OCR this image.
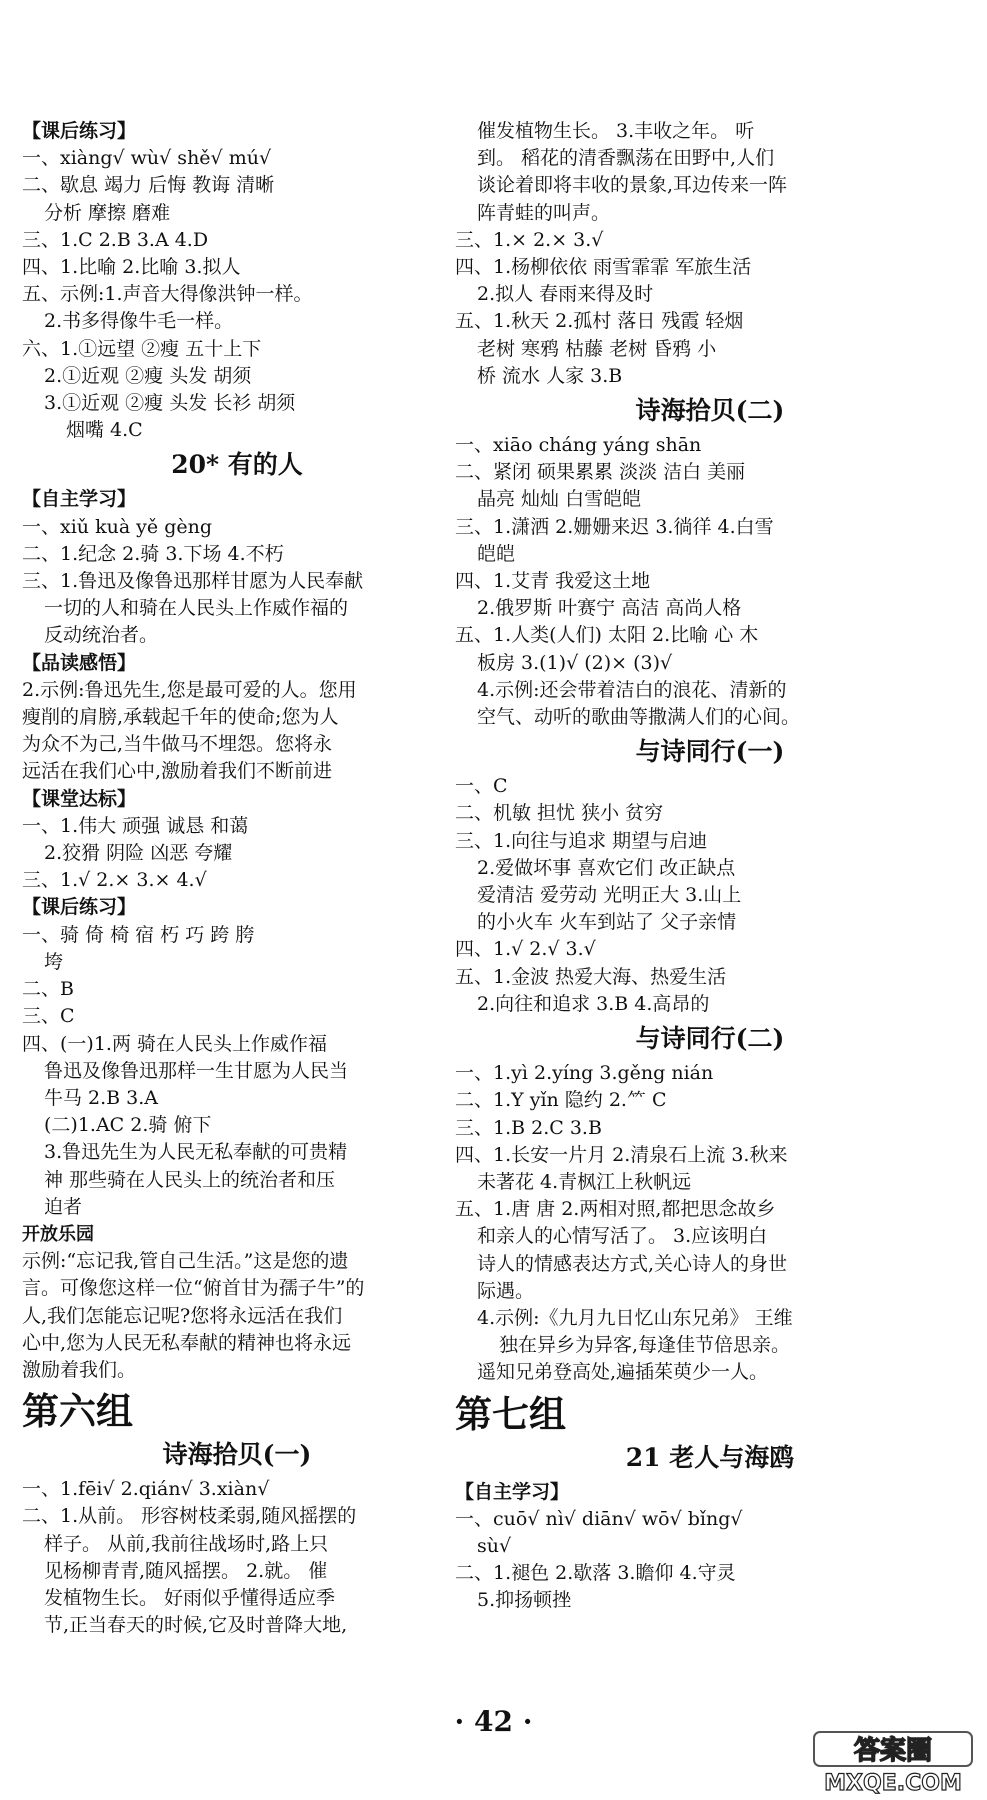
【课后练习】
一、xiàng√ wù√ shě√ mú√
二、歇息 竭力 后悔 教诲 清晰
分析 摩擦 磨难
三、1.C 2.B 3.A 4.D
四、1.比喻 2.比喻 3.拟人
五、示例:1.声音大得像洪钟一样。
2.书多得像牛毛一样。
六、1.①远望 ②瘦 五十上下
2.①近观 ②瘦 头发 胡须
3.①近观 ②瘦 头发 长衫 胡须
烟嘴 4.C
20* 有的人
【自主学习】
一、xiǔ kuà yě gèng
二、1.纪念 2.骑 3.下场 4.不朽
三、1.鲁迅及像鲁迅那样甘愿为人民奉献
一切的人和骑在人民头上作威作福的
反动统治者。
【品读感悟】
2.示例:鲁迅先生,您是最可爱的人。您用
瘦削的肩膀,承载起千年的使命;您为人
为众不为己,当牛做马不埋怨。您将永
远活在我们心中,激励着我们不断前进
【课堂达标】
一、1.伟大 顽强 诚恳 和蔼
2.狡猾 阴险 凶恶 夸耀
三、1.√ 2.× 3.× 4.√
【课后练习】
一、骑 倚 椅 宿 朽 巧 跨 胯
垮
二、B
三、C
四、(一)1.两 骑在人民头上作威作福
鲁迅及像鲁迅那样一生甘愿为人民当
牛马 2.B 3.A
(二)1.AC 2.骑 俯下
3.鲁迅先生为人民无私奉献的可贵精
神 那些骑在人民头上的统治者和压
迫者
开放乐园
示例:“忘记我,管自己生活。”这是您的遗
言。可像您这样一位“俯首甘为孺子牛”的
人,我们怎能忘记呢?您将永远活在我们
心中,您为人民无私奉献的精神也将永远
激励着我们。
第六组
诗海拾贝(一)
一、1.fēi√ 2.qián√ 3.xiàn√
二、1.从前。 形容树枝柔弱,随风摇摆的
样子。 从前,我前往战场时,路上只
见杨柳青青,随风摇摆。 2.就。 催
发植物生长。 好雨似乎懂得适应季
节,正当春天的时候,它及时普降大地,
催发植物生长。 3.丰收之年。 听
到。 稻花的清香飘荡在田野中,人们
谈论着即将丰收的景象,耳边传来一阵
阵青蛙的叫声。
三、1.× 2.× 3.√
四、1.杨柳依依 雨雪霏霏 军旅生活
2.拟人 春雨来得及时
五、1.秋天 2.孤村 落日 残霞 轻烟
老树 寒鸦 枯藤 老树 昏鸦 小
桥 流水 人家 3.B
诗海拾贝(二)
一、xiāo cháng yáng shān
二、紧闭 硕果累累 淡淡 洁白 美丽
晶亮 灿灿 白雪皑皑
三、1.潇洒 2.姗姗来迟 3.徜徉 4.白雪
皑皑
四、1.艾青 我爱这土地
2.俄罗斯 叶赛宁 高洁 高尚人格
五、1.人类(人们) 太阳 2.比喻 心 木
板房 3.(1)√ (2)× (3)√
4.示例:还会带着洁白的浪花、清新的
空气、动听的歌曲等撒满人们的心间。
与诗同行(一)
一、C
二、机敏 担忧 狭小 贫穷
三、1.向往与追求 期望与启迪
2.爱做坏事 喜欢它们 改正缺点
爱清洁 爱劳动 光明正大 3.山上
的小火车 火车到站了 父子亲情
四、1.√ 2.√ 3.√
五、1.金波 热爱大海、热爱生活
2.向往和追求 3.B 4.高昂的
与诗同行(二)
一、1.yì 2.yíng 3.gěng nián
二、1.Y yǐn 隐约 2.⺮ C
三、1.B 2.C 3.B
四、1.长安一片月 2.清泉石上流 3.秋来
未著花 4.青枫江上秋帆远
五、1.唐 唐 2.两相对照,都把思念故乡
和亲人的心情写活了。 3.应该明白
诗人的情感表达方式,关心诗人的身世
际遇。
4.示例:《九月九日忆山东兄弟》 王维
独在异乡为异客,每逢佳节倍思亲。
遥知兄弟登高处,遍插茱萸少一人。
第七组
21 老人与海鸥
【自主学习】
一、cuō√ nì√ diān√ wō√ bǐng√
sù√
二、1.褪色 2.歇落 3.瞻仰 4.守灵
5.抑扬顿挫
· 42 ·
答案圈
MXQE.COM
